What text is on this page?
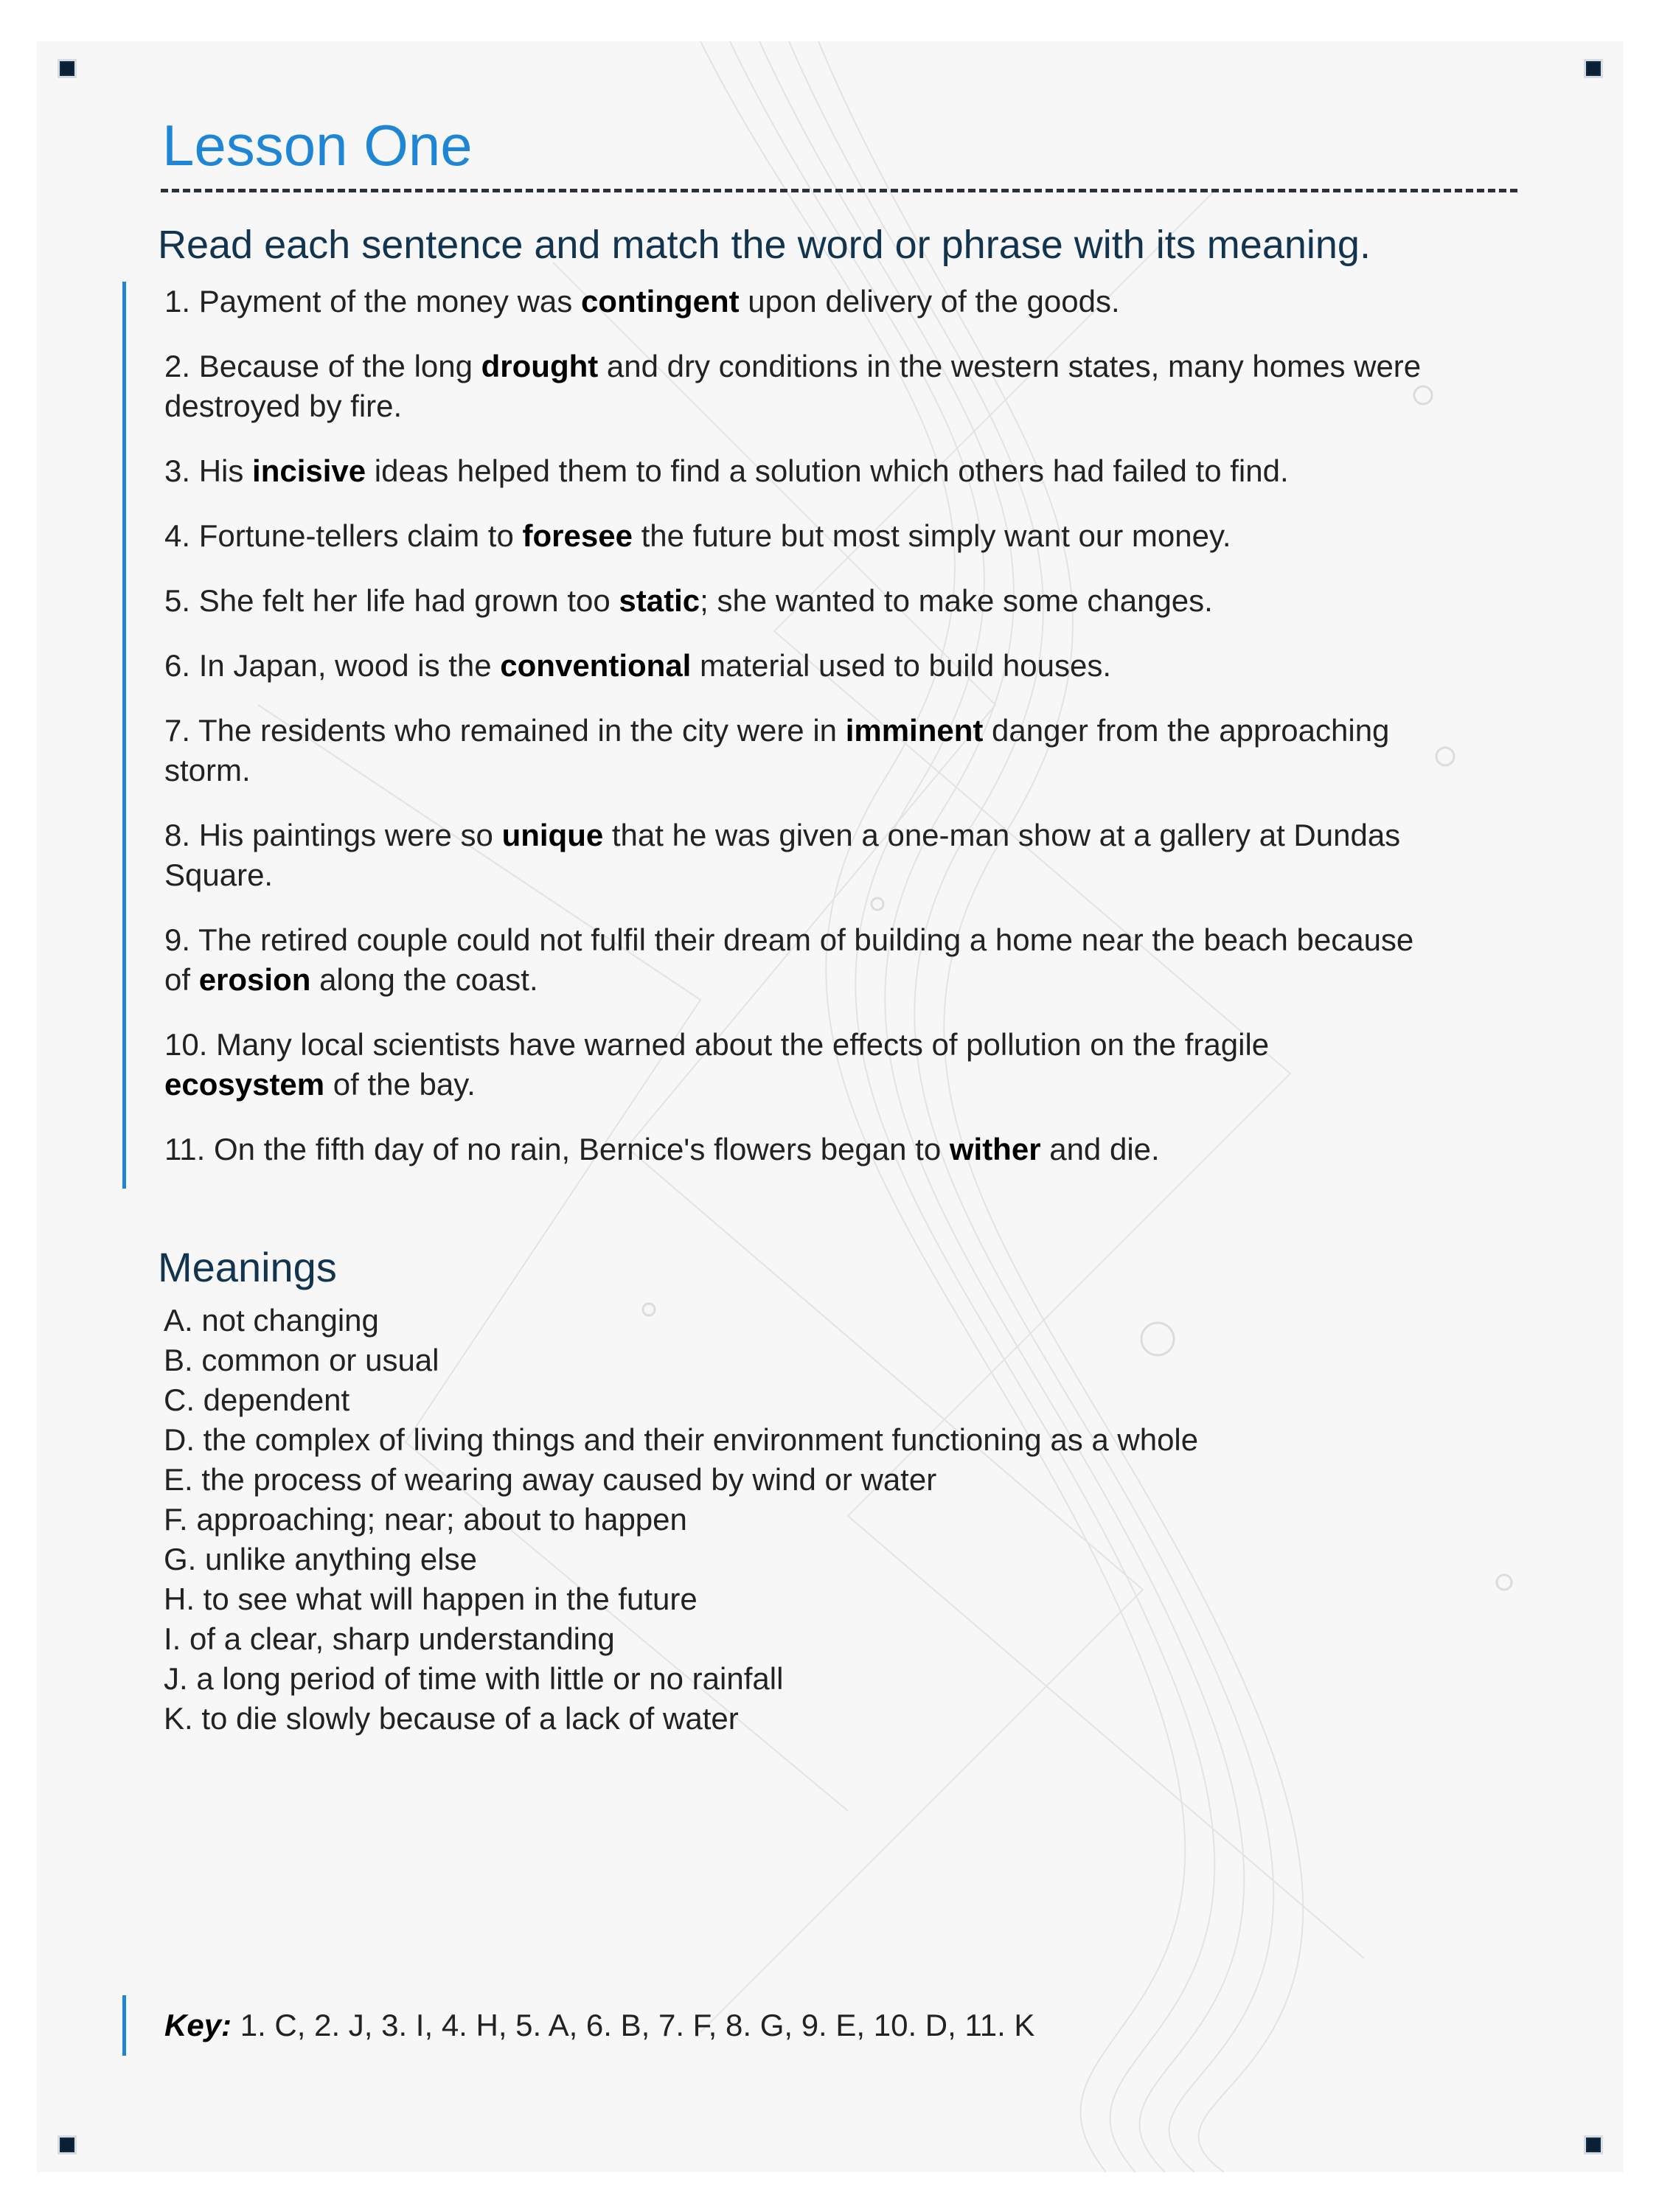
Lesson One
Read each sentence and match the word or phrase with its meaning.

1. Payment of the money was contingent upon delivery of the goods.

2. Because of the long drought and dry conditions in the western states, many homes were destroyed by fire.

3. His incisive ideas helped them to find a solution which others had failed to find.

4. Fortune-tellers claim to foresee the future but most simply want our money.

5. She felt her life had grown too static; she wanted to make some changes.

6. In Japan, wood is the conventional material used to build houses.

7. The residents who remained in the city were in imminent danger from the approaching storm.

8. His paintings were so unique that he was given a one-man show at a gallery at Dundas Square.

9. The retired couple could not fulfil their dream of building a home near the beach because of erosion along the coast.

10. Many local scientists have warned about the effects of pollution on the fragile ecosystem of the bay.

11. On the fifth day of no rain, Bernice's flowers began to wither and die.

Meanings
A. not changing
B. common or usual
C. dependent
D. the complex of living things and their environment functioning as a whole
E. the process of wearing away caused by wind or water
F. approaching; near; about to happen
G. unlike anything else
H. to see what will happen in the future
I. of a clear, sharp understanding
J. a long period of time with little or no rainfall
K. to die slowly because of a lack of water
Key: 1. C, 2. J, 3. I, 4. H, 5. A, 6. B, 7. F, 8. G, 9. E, 10. D, 11. K
